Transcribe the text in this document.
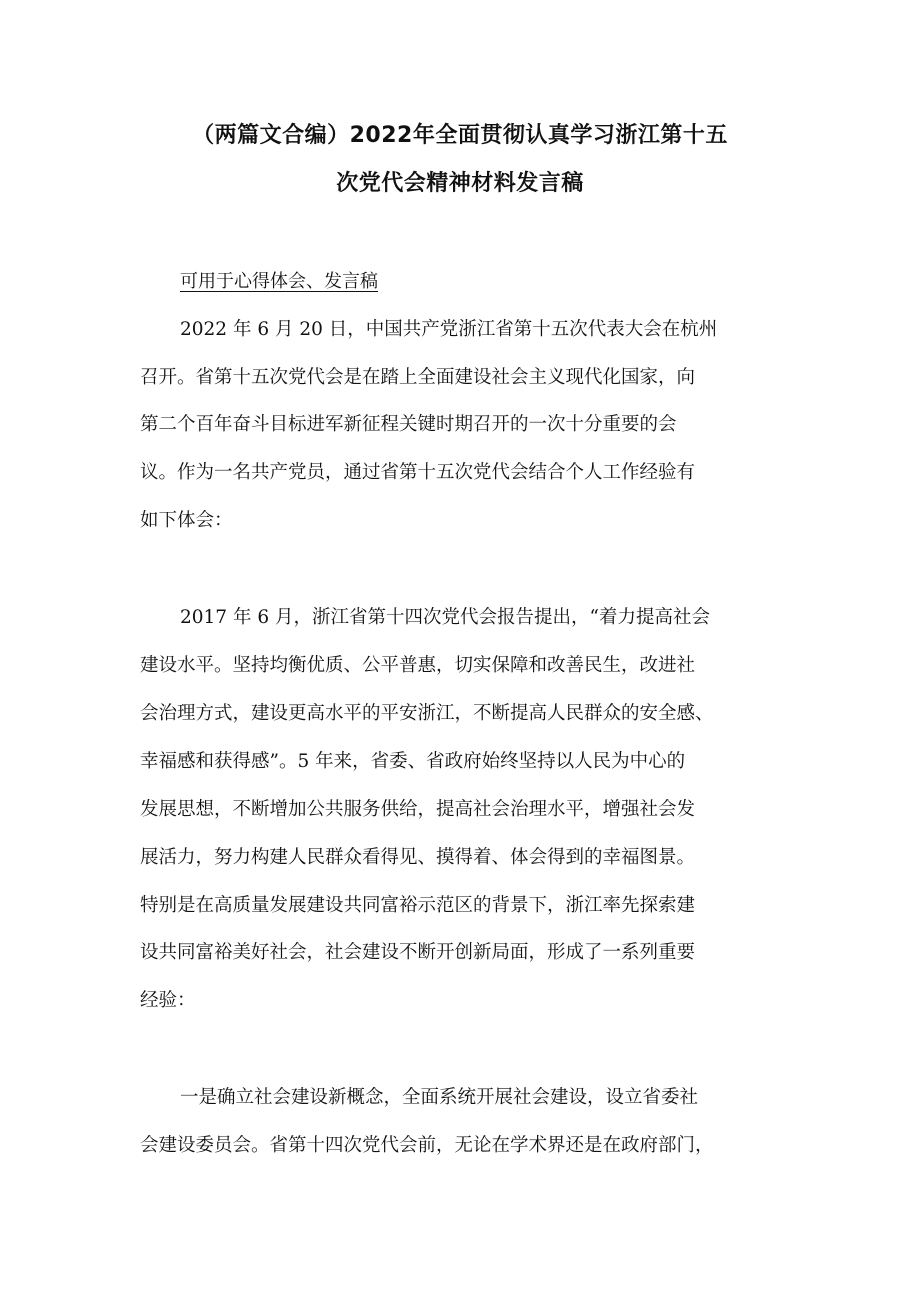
（两篇文合编）2022年全面贯彻认真学习浙江第十五
次党代会精神材料发言稿

可用于心得体会、发言稿

2022 年 6 月 20 日，中国共产党浙江省第十五次代表大会在杭州

召开。省第十五次党代会是在踏上全面建设社会主义现代化国家，向

第二个百年奋斗目标进军新征程关键时期召开的一次十分重要的会

议。作为一名共产党员，通过省第十五次党代会结合个人工作经验有

如下体会：

2017 年 6 月，浙江省第十四次党代会报告提出，“着力提高社会

建设水平。坚持均衡优质、公平普惠，切实保障和改善民生，改进社

会治理方式，建设更高水平的平安浙江，不断提高人民群众的安全感、

幸福感和获得感”。5 年来，省委、省政府始终坚持以人民为中心的

发展思想，不断增加公共服务供给，提高社会治理水平，增强社会发

展活力，努力构建人民群众看得见、摸得着、体会得到的幸福图景。

特别是在高质量发展建设共同富裕示范区的背景下，浙江率先探索建

设共同富裕美好社会，社会建设不断开创新局面，形成了一系列重要

经验：

一是确立社会建设新概念，全面系统开展社会建设，设立省委社

会建设委员会。省第十四次党代会前，无论在学术界还是在政府部门，
